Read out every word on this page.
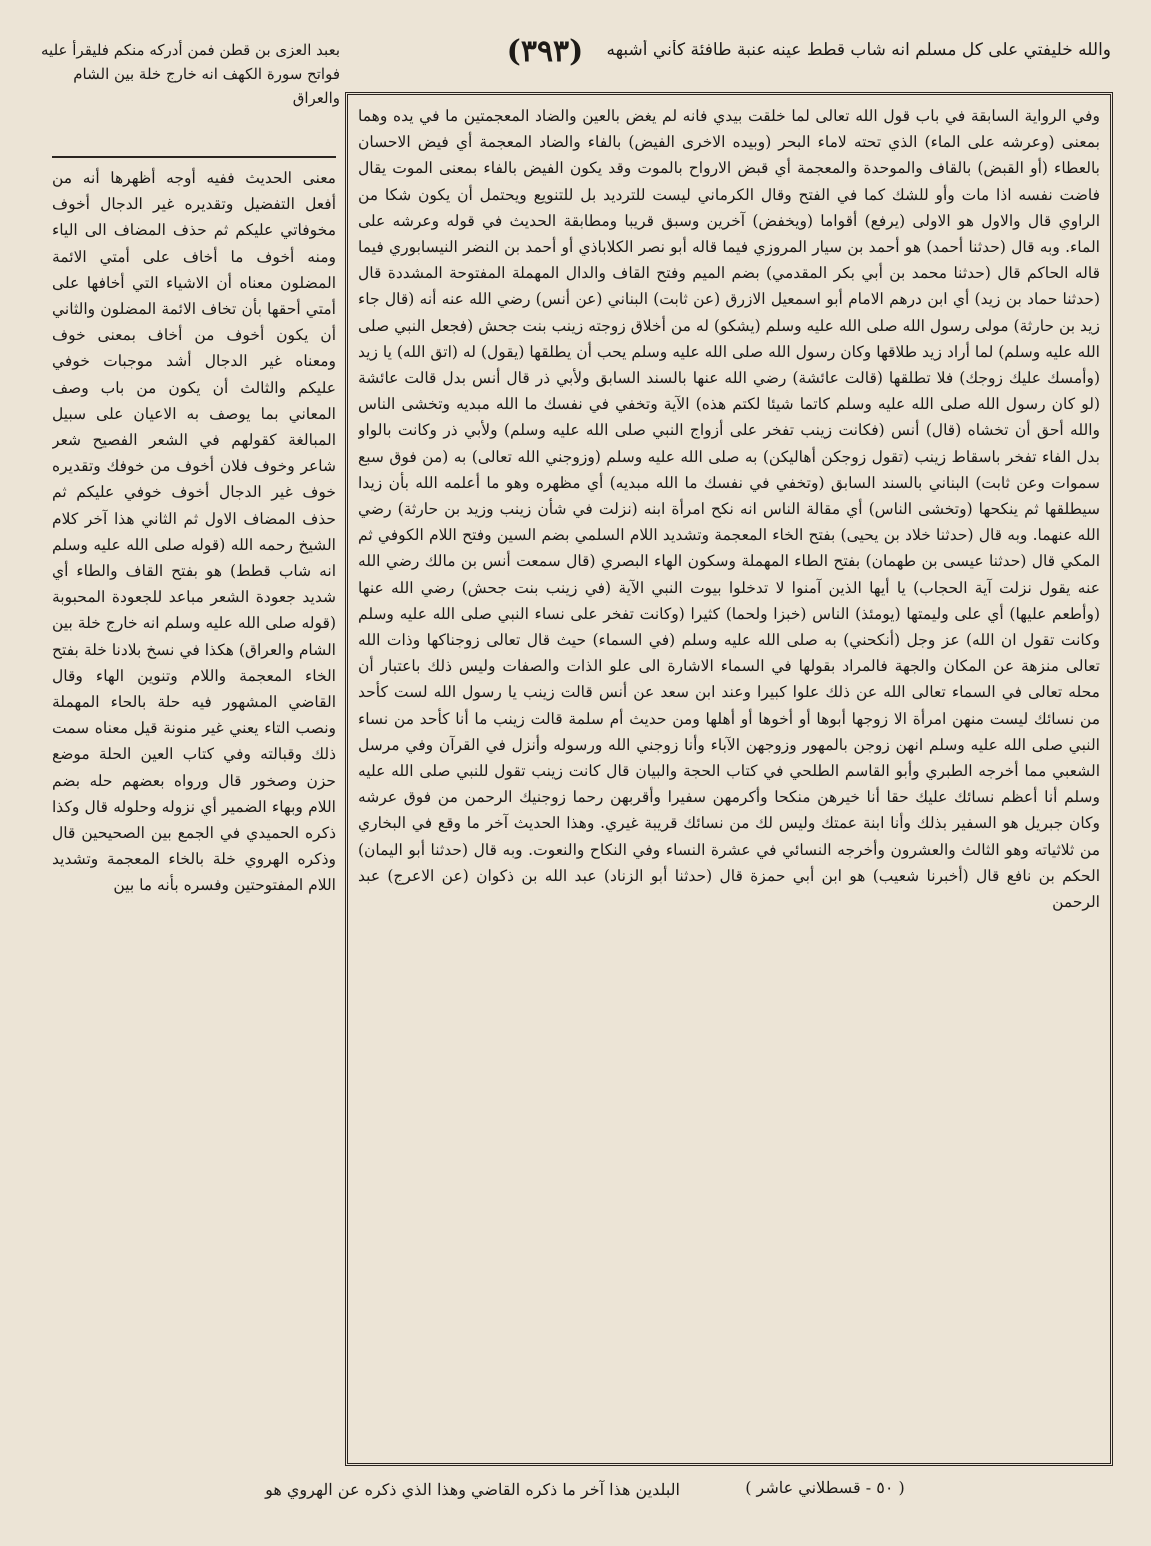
والله خليفتي على كل مسلم انه شاب قطط عينه عنبة طافئة كأني أشبهه
(٣٩٣)
بعبد العزى بن قطن فمن أدركه منكم فليقرأ عليه فواتح سورة الكهف انه خارج خلة بين الشام والعراق

وفي الرواية السابقة في باب قول الله تعالى لما خلقت بيدي فانه لم يغض بالعين والضاد المعجمتين ما في يده وهما بمعنى (وعرشه على الماء) الذي تحته لاماء البحر (وبيده الاخرى الفيض) بالفاء والضاد المعجمة أي فيض الاحسان بالعطاء (أو القبض) بالقاف والموحدة والمعجمة أي قبض الارواح بالموت وقد يكون الفيض بالفاء بمعنى الموت يقال فاضت نفسه اذا مات وأو للشك كما في الفتح وقال الكرماني ليست للترديد بل للتنويع ويحتمل أن يكون شكا من الراوي قال والاول هو الاولى (يرفع) أقواما (ويخفض) آخرين وسبق قريبا ومطابقة الحديث في قوله وعرشه على الماء. وبه قال (حدثنا أحمد) هو أحمد بن سيار المروزي فيما قاله أبو نصر الكلاباذي أو أحمد بن النضر النيسابوري فيما قاله الحاكم قال (حدثنا محمد بن أبي بكر المقدمي) بضم الميم وفتح القاف والدال المهملة المفتوحة المشددة قال (حدثنا حماد بن زيد) أي ابن درهم الامام أبو اسمعيل الازرق (عن ثابت) البناني (عن أنس) رضي الله عنه أنه (قال جاء زيد بن حارثة) مولى رسول الله صلى الله عليه وسلم (يشكو) له من أخلاق زوجته زينب بنت جحش (فجعل النبي صلى الله عليه وسلم) لما أراد زيد طلاقها وكان رسول الله صلى الله عليه وسلم يحب أن يطلقها (يقول) له (اتق الله) يا زيد (وأمسك عليك زوجك) فلا تطلقها (قالت عائشة) رضي الله عنها بالسند السابق ولأبي ذر قال أنس بدل قالت عائشة (لو كان رسول الله صلى الله عليه وسلم كاتما شيئا لكتم هذه) الآية وتخفي في نفسك ما الله مبديه وتخشى الناس والله أحق أن تخشاه (قال) أنس (فكانت زينب تفخر على أزواج النبي صلى الله عليه وسلم) ولأبي ذر وكانت بالواو بدل الفاء تفخر باسقاط زينب (تقول زوجكن أهاليكن) به صلى الله عليه وسلم (وزوجني الله تعالى) به (من فوق سبع سموات وعن ثابت) البناني بالسند السابق (وتخفي في نفسك ما الله مبديه) أي مظهره وهو ما أعلمه الله بأن زيدا سيطلقها ثم ينكحها (وتخشى الناس) أي مقالة الناس انه نكح امرأة ابنه (نزلت في شأن زينب وزيد بن حارثة) رضي الله عنهما. وبه قال (حدثنا خلاد بن يحيى) بفتح الخاء المعجمة وتشديد اللام السلمي بضم السين وفتح اللام الكوفي ثم المكي قال (حدثنا عيسى بن طهمان) بفتح الطاء المهملة وسكون الهاء البصري (قال سمعت أنس بن مالك رضي الله عنه يقول نزلت آية الحجاب) يا أيها الذين آمنوا لا تدخلوا بيوت النبي الآية (في زينب بنت جحش) رضي الله عنها (وأطعم عليها) أي على وليمتها (يومئذ) الناس (خبزا ولحما) كثيرا (وكانت تفخر على نساء النبي صلى الله عليه وسلم وكانت تقول ان الله) عز وجل (أنكحني) به صلى الله عليه وسلم (في السماء) حيث قال تعالى زوجناكها وذات الله تعالى منزهة عن المكان والجهة فالمراد بقولها في السماء الاشارة الى علو الذات والصفات وليس ذلك باعتبار أن محله تعالى في السماء تعالى الله عن ذلك علوا كبيرا وعند ابن سعد عن أنس قالت زينب يا رسول الله لست كأحد من نسائك ليست منهن امرأة الا زوجها أبوها أو أخوها أو أهلها ومن حديث أم سلمة قالت زينب ما أنا كأحد من نساء النبي صلى الله عليه وسلم انهن زوجن بالمهور وزوجهن الآباء وأنا زوجني الله ورسوله وأنزل في القرآن وفي مرسل الشعبي مما أخرجه الطبري وأبو القاسم الطلحي في كتاب الحجة والبيان قال كانت زينب تقول للنبي صلى الله عليه وسلم أنا أعظم نسائك عليك حقا أنا خيرهن منكحا وأكرمهن سفيرا وأقربهن رحما زوجنيك الرحمن من فوق عرشه وكان جبريل هو السفير بذلك وأنا ابنة عمتك وليس لك من نسائك قريبة غيري. وهذا الحديث آخر ما وقع في البخاري من ثلاثياته وهو الثالث والعشرون وأخرجه النسائي في عشرة النساء وفي النكاح والنعوت. وبه قال (حدثنا أبو اليمان) الحكم بن نافع قال (أخبرنا شعيب) هو ابن أبي حمزة قال (حدثنا أبو الزناد) عبد الله بن ذكوان (عن الاعرج) عبد الرحمن

معنى الحديث ففيه أوجه أظهرها أنه من أفعل التفضيل وتقديره غير الدجال أخوف مخوفاتي عليكم ثم حذف المضاف الى الياء ومنه أخوف ما أخاف على أمتي الائمة المضلون معناه أن الاشياء التي أخافها على أمتي أحقها بأن تخاف الائمة المضلون والثاني أن يكون أخوف من أخاف بمعنى خوف ومعناه غير الدجال أشد موجبات خوفي عليكم والثالث أن يكون من باب وصف المعاني بما يوصف به الاعيان على سبيل المبالغة كقولهم في الشعر الفصيح شعر شاعر وخوف فلان أخوف من خوفك وتقديره خوف غير الدجال أخوف خوفي عليكم ثم حذف المضاف الاول ثم الثاني هذا آخر كلام الشيخ رحمه الله (قوله صلى الله عليه وسلم انه شاب قطط) هو بفتح القاف والطاء أي شديد جعودة الشعر مباعد للجعودة المحبوبة (قوله صلى الله عليه وسلم انه خارج خلة بين الشام والعراق) هكذا في نسخ بلادنا خلة بفتح الخاء المعجمة واللام وتنوين الهاء وقال القاضي المشهور فيه حلة بالحاء المهملة ونصب التاء يعني غير منونة قيل معناه سمت ذلك وقبالته وفي كتاب العين الحلة موضع حزن وصخور قال ورواه بعضهم حله بضم اللام وبهاء الضمير أي نزوله وحلوله قال وكذا ذكره الحميدي في الجمع بين الصحيحين قال وذكره الهروي خلة بالخاء المعجمة وتشديد اللام المفتوحتين وفسره بأنه ما بين

( ٥٠ - قسطلاني عاشر )
البلدين هذا آخر ما ذكره القاضي وهذا الذي ذكره عن الهروي هو
